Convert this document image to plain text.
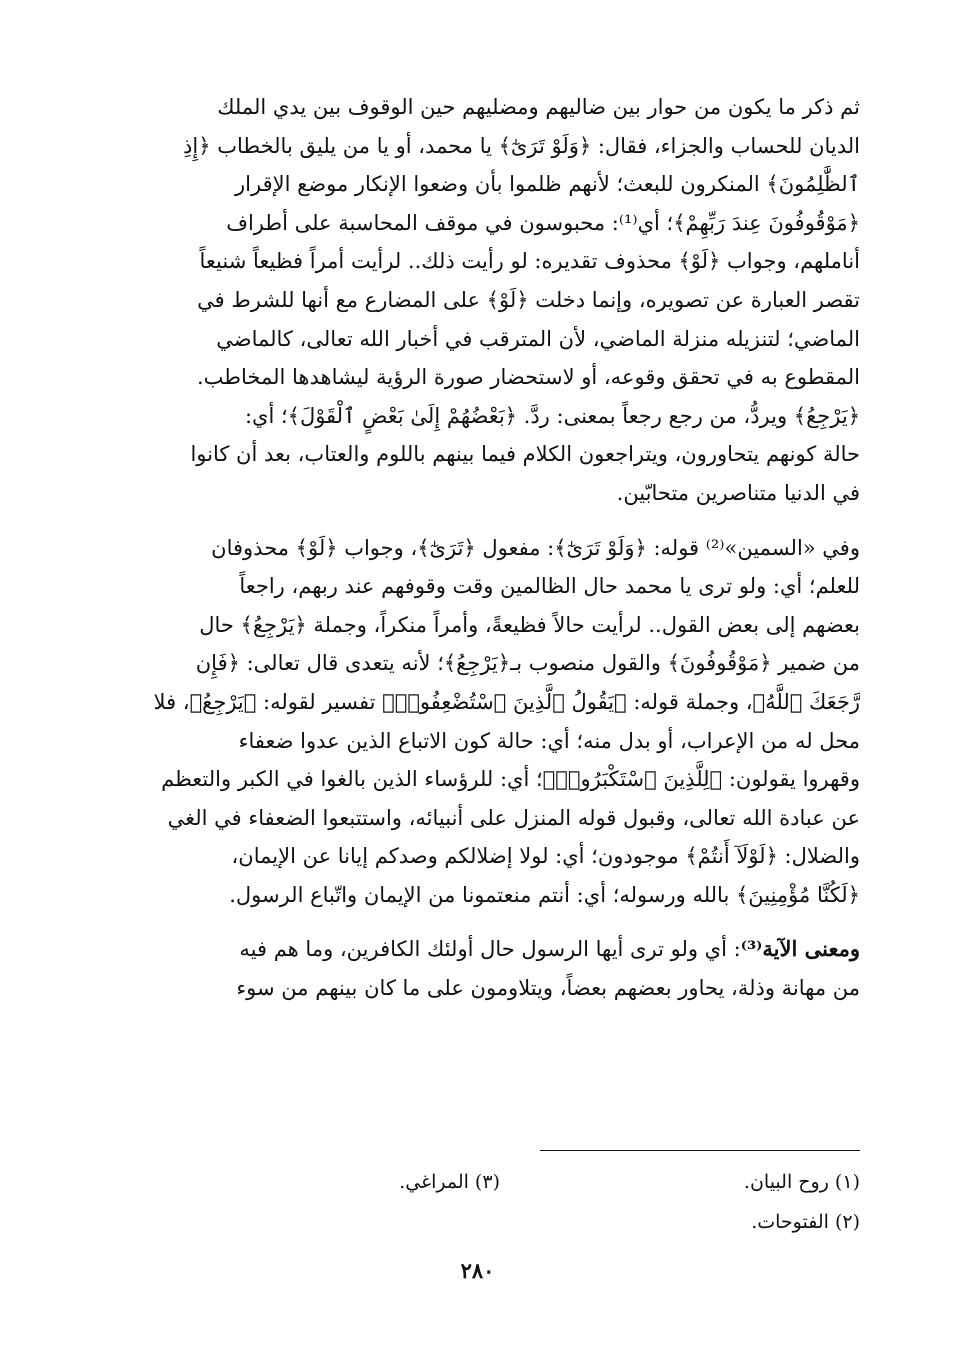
ثم ذكر ما يكون من حوار بين ضاليهم ومضليهم حين الوقوف بين يدي الملك
الديان للحساب والجزاء، فقال: ﴿وَلَوْ تَرَىٰٓ﴾ يا محمد، أو يا من يليق بالخطاب ﴿إِذِ
ٱلظَّٰلِمُونَ﴾ المنكرون للبعث؛ لأنهم ظلموا بأن وضعوا الإنكار موضع الإقرار
﴿مَوْقُوفُونَ عِندَ رَبِّهِمْ﴾؛ أي⁽¹⁾: محبوسون في موقف المحاسبة على أطراف
أناملهم، وجواب ﴿لَوْ﴾ محذوف تقديره: لو رأيت ذلك.. لرأيت أمراً فظيعاً شنيعاً
تقصر العبارة عن تصويره، وإنما دخلت ﴿لَوْ﴾ على المضارع مع أنها للشرط في
الماضي؛ لتنزيله منزلة الماضي، لأن المترقب في أخبار الله تعالى، كالماضي
المقطوع به في تحقق وقوعه، أو لاستحضار صورة الرؤية ليشاهدها المخاطب.
﴿يَرْجِعُ﴾ ويردُّ، من رجع رجعاً بمعنى: ردَّ. ﴿بَعْضُهُمْ إِلَىٰ بَعْضٍ ٱلْقَوْلَ﴾؛ أي:
حالة كونهم يتحاورون، ويتراجعون الكلام فيما بينهم باللوم والعتاب، بعد أن كانوا
في الدنيا متناصرين متحابّين.

وفي «السمين»⁽²⁾ قوله: ﴿وَلَوْ تَرَىٰٓ﴾: مفعول ﴿تَرَىٰٓ﴾، وجواب ﴿لَوْ﴾ محذوفان
للعلم؛ أي: ولو ترى يا محمد حال الظالمين وقت وقوفهم عند ربهم، راجعاً
بعضهم إلى بعض القول.. لرأيت حالاً فظيعةً، وأمراً منكراً، وجملة ﴿يَرْجِعُ﴾ حال
من ضمير ﴿مَوْقُوفُونَ﴾ والقول منصوب بـ﴿يَرْجِعُ﴾؛ لأنه يتعدى قال تعالى: ﴿فَإِن
رَّجَعَكَ ٱللَّهُ﴾، وجملة قوله: ﴿يَقُولُ ٱلَّذِينَ ٱسْتُضْعِفُوا۟﴾ تفسير لقوله: ﴿يَرْجِعُ﴾، فلا
محل له من الإعراب، أو بدل منه؛ أي: حالة كون الاتباع الذين عدوا ضعفاء
وقهروا يقولون: ﴿لِلَّذِينَ ٱسْتَكْبَرُوا۟﴾؛ أي: للرؤساء الذين بالغوا في الكبر والتعظم
عن عبادة الله تعالى، وقبول قوله المنزل على أنبيائه، واستتبعوا الضعفاء في الغي
والضلال: ﴿لَوْلَآ أَنتُمْ﴾ موجودون؛ أي: لولا إضلالكم وصدكم إيانا عن الإيمان،
﴿لَكُنَّا مُؤْمِنِينَ﴾ بالله ورسوله؛ أي: أنتم منعتمونا من الإيمان واتّباع الرسول.

ومعنى الآية⁽³⁾: أي ولو ترى أيها الرسول حال أولئك الكافرين، وما هم فيه
من مهانة وذلة، يحاور بعضهم بعضاً، ويتلاومون على ما كان بينهم من سوء

(١) روح البيان.
(٣) المراغي.
(٢) الفتوحات.
٢٨٠
